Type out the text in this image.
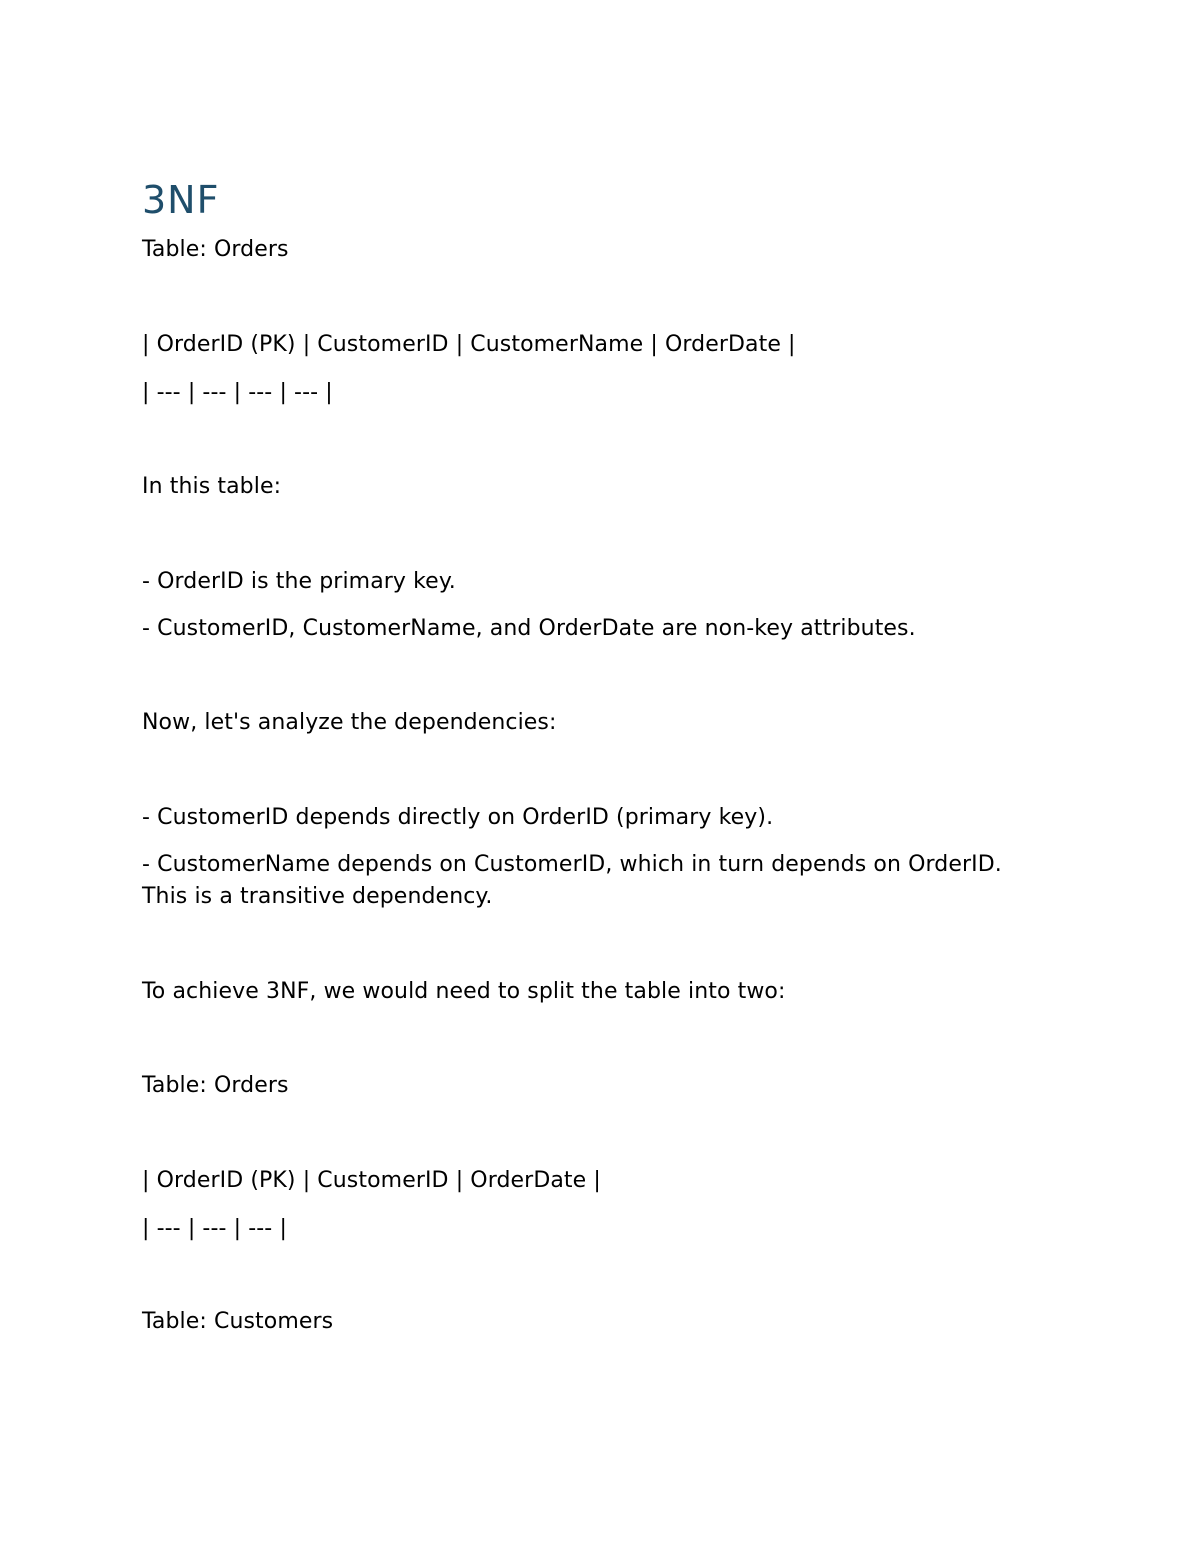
3NF
Table: Orders
| OrderID (PK) | CustomerID | CustomerName | OrderDate |
| --- | --- | --- | --- |
In this table:
- OrderID is the primary key.
- CustomerID, CustomerName, and OrderDate are non-key attributes.
Now, let's analyze the dependencies:
- CustomerID depends directly on OrderID (primary key).
- CustomerName depends on CustomerID, which in turn depends on OrderID.
This is a transitive dependency.
To achieve 3NF, we would need to split the table into two:
Table: Orders
| OrderID (PK) | CustomerID | OrderDate |
| --- | --- | --- |
Table: Customers
